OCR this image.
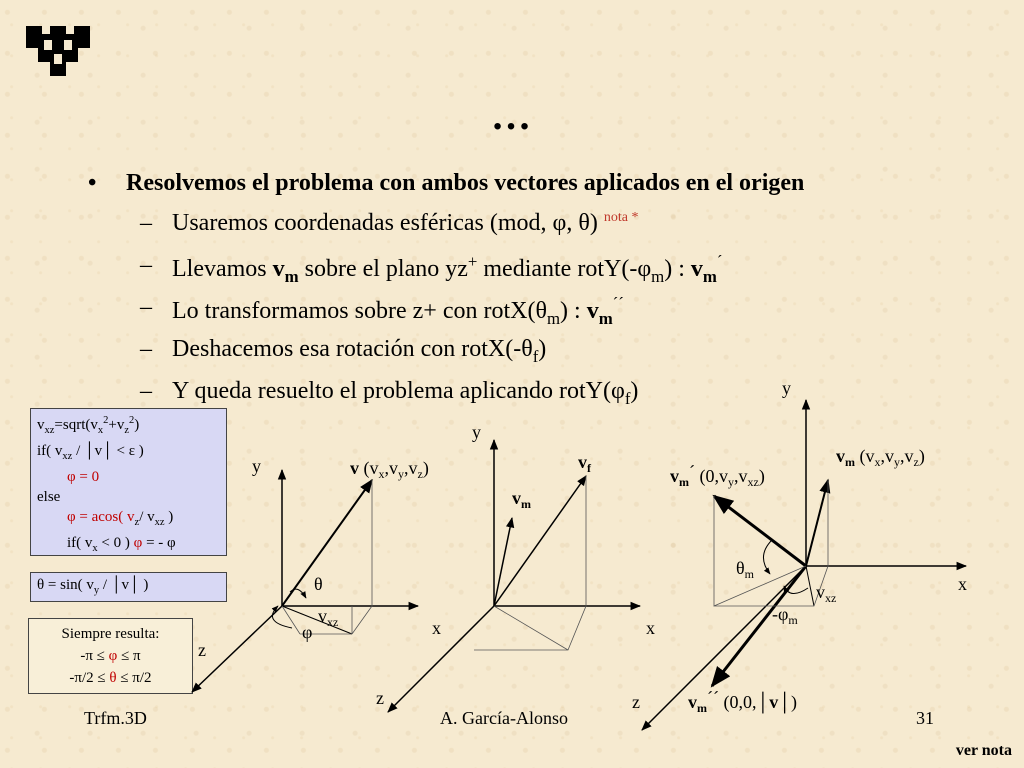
…
• Resolvemos el problema con ambos vectores aplicados en el origen
– Usaremos coordenadas esféricas (mod, φ, θ) $^{nota *}$
– Llevamos $v_m$ sobre el plano yz+ mediante $rotY(-\varphi_m)$ : $v_m^´$
– Lo transformamos sobre z+ con $rotX(\theta_m)$ : $v_m^{´´}$
– Deshacemos esa rotación con $rotX(-\theta_f)$
– Y queda resuelto el problema aplicando $rotY(\varphi_f)$
$v_{xz}=sqrt(v_x^2+v_z^2)$
if( $v_{xz}$ / │v│ < ε )
φ = 0
else
φ = acos( $v_z/$ $v_{xz}$ )
if( $v_x < 0$ ) φ = - φ
θ = sin( $v_y$ / │v│ )
Siempre resulta:
-π ≤ φ ≤ π
-π/2 ≤ θ ≤ π/2
y
x
z
v $(v_x,v_y,v_z)$
θ
φ
$v_{xz}$
y
x
z
$v_f$
$v_m$
y
x
z
$v_m$ $(v_x,v_y,v_z)$
$v_m´$ $(0,v_y,v_{xz})$
$\theta_m$
$-\varphi_m$
$v_{xz}$
$v_m´´$ (0,0,│v│)
Trfm.3D	A. García-Alonso	31
ver nota
